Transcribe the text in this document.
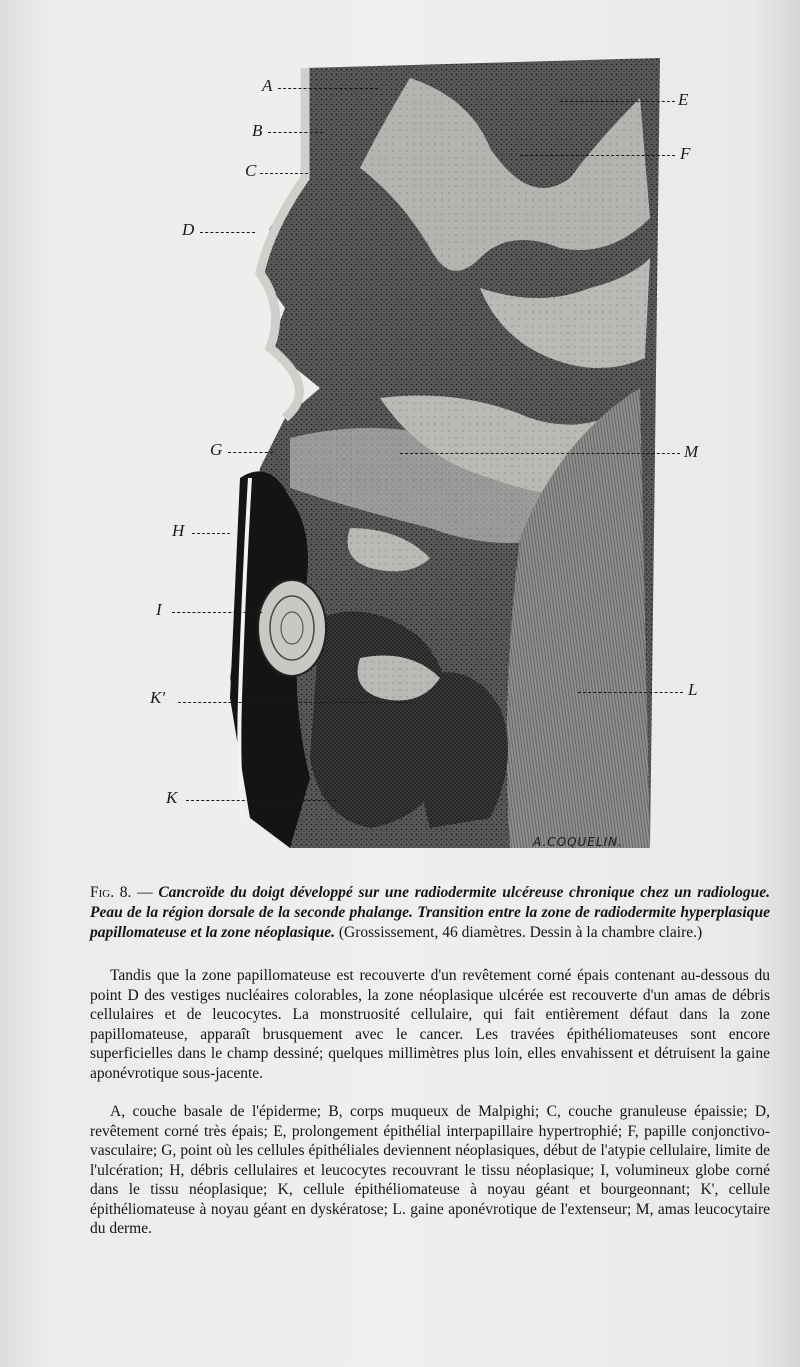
A
B
C
D
E
F
G	M
H
I
L
K'
K
A.COQUELIN.
Fig. 8. — Cancroïde du doigt développé sur une radiodermite ulcéreuse chronique chez un radiologue. Peau de la région dorsale de la seconde phalange. Transition entre la zone de radiodermite hyperplasique papillomateuse et la zone néoplasique. (Grossissement, 46 diamètres. Dessin à la chambre claire.)

Tandis que la zone papillomateuse est recouverte d'un revêtement corné épais contenant au-dessous du point D des vestiges nucléaires colorables, la zone néoplasique ulcérée est recouverte d'un amas de débris cellulaires et de leucocytes. La monstruosité cellulaire, qui fait entièrement défaut dans la zone papillomateuse, apparaît brusquement avec le cancer. Les travées épithéliomateuses sont encore superficielles dans le champ dessiné; quelques millimètres plus loin, elles envahissent et détruisent la gaine aponévrotique sous-jacente.

A, couche basale de l'épiderme; B, corps muqueux de Malpighi; C, couche granuleuse épaissie; D, revêtement corné très épais; E, prolongement épithélial interpapillaire hypertrophié; F, papille conjonctivo-vasculaire; G, point où les cellules épithéliales deviennent néoplasiques, début de l'atypie cellulaire, limite de l'ulcération; H, débris cellulaires et leucocytes recouvrant le tissu néoplasique; I, volumineux globe corné dans le tissu néoplasique; K, cellule épithéliomateuse à noyau géant et bourgeonnant; K', cellule épithéliomateuse à noyau géant en dyskératose; L. gaine aponévrotique de l'extenseur; M, amas leucocytaire du derme.
